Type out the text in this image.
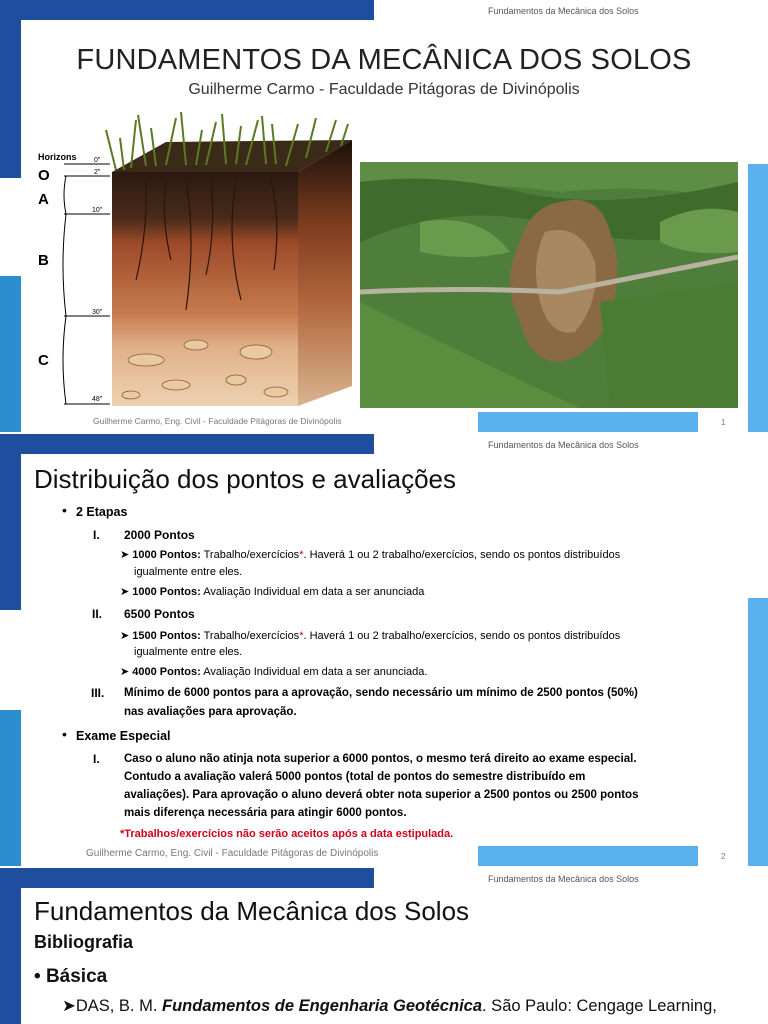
Fundamentos da Mecânica dos Solos
FUNDAMENTOS DA MECÂNICA DOS SOLOS
Guilherme Carmo - Faculdade Pitágoras de Divinópolis
Horizons
O
A
B
C
0"
2"
10"
30"
48"
Guilherme Carmo, Eng. Civil - Faculdade Pitágoras de Divinópolis	1
Fundamentos da Mecânica dos Solos
Distribuição dos pontos e avaliações
• 2 Etapas
I. 2000 Pontos
➤ 1000 Pontos: Trabalho/exercícios*. Haverá 1 ou 2 trabalho/exercícios, sendo os pontos distribuídos
igualmente entre eles.
➤ 1000 Pontos: Avaliação Individual em data a ser anunciada
II. 6500 Pontos
➤ 1500 Pontos: Trabalho/exercícios*. Haverá 1 ou 2 trabalho/exercícios, sendo os pontos distribuídos
igualmente entre eles.
➤ 4000 Pontos: Avaliação Individual em data a ser anunciada.
III. Mínimo de 6000 pontos para a aprovação, sendo necessário um mínimo de 2500 pontos (50%)
nas avaliações para aprovação.
• Exame Especial
I. Caso o aluno não atinja nota superior a 6000 pontos, o mesmo terá direito ao exame especial.
Contudo a avaliação valerá 5000 pontos (total de pontos do semestre distribuído em
avaliações). Para aprovação o aluno deverá obter nota superior a 2500 pontos ou 2500 pontos
mais diferença necessária para atingir 6000 pontos.
*Trabalhos/exercícios não serão aceitos após a data estipulada.
Guilherme Carmo, Eng. Civil - Faculdade Pitágoras de Divinópolis	2
Fundamentos da Mecânica dos Solos
Fundamentos da Mecânica dos Solos
Bibliografia
• Básica
➤DAS, B. M. Fundamentos de Engenharia Geotécnica. São Paulo: Cengage Learning,
